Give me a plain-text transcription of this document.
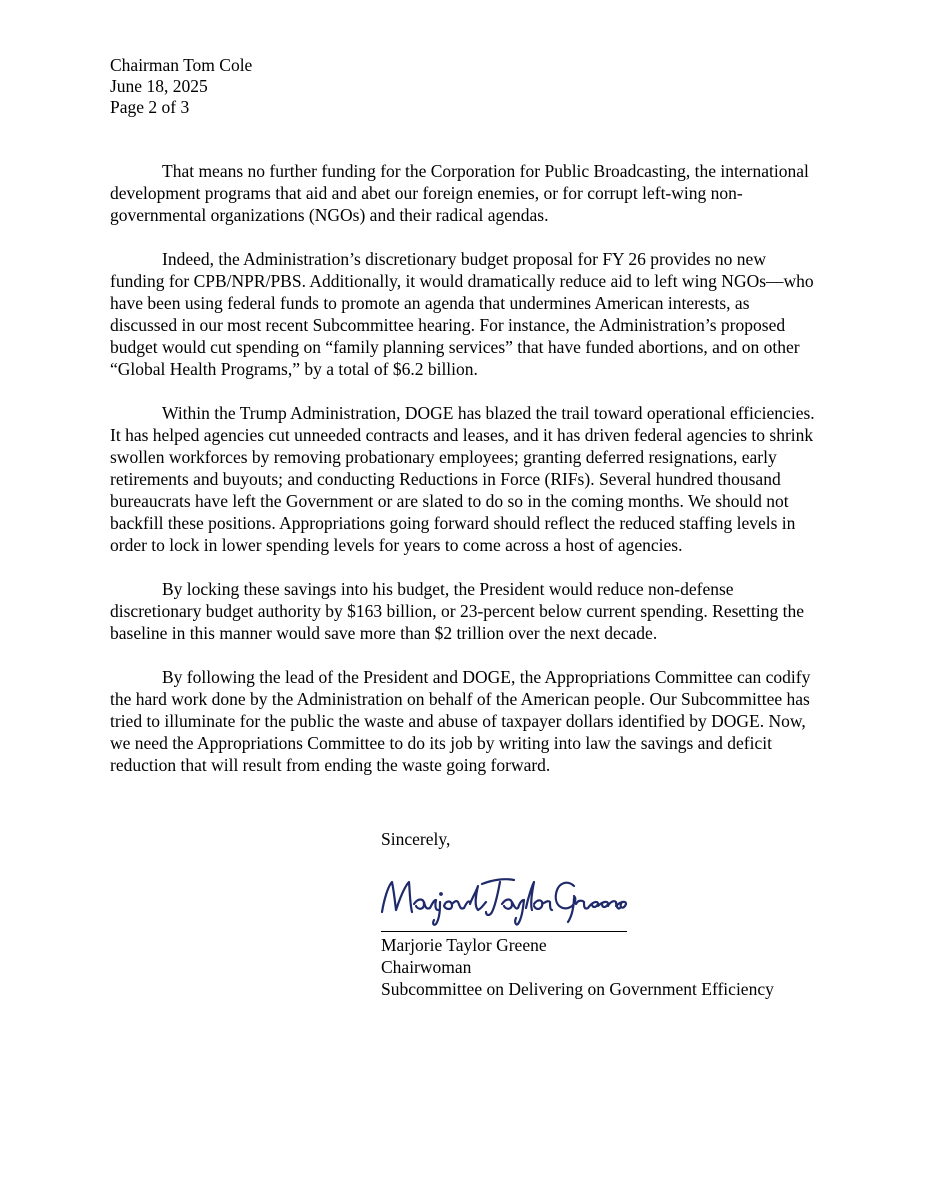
Chairman Tom Cole
June 18, 2025
Page 2 of 3

That means no further funding for the Corporation for Public Broadcasting, the international development programs that aid and abet our foreign enemies, or for corrupt left-wing non-governmental organizations (NGOs) and their radical agendas.

Indeed, the Administration’s discretionary budget proposal for FY 26 provides no new funding for CPB/NPR/PBS. Additionally, it would dramatically reduce aid to left wing NGOs—who have been using federal funds to promote an agenda that undermines American interests, as discussed in our most recent Subcommittee hearing. For instance, the Administration’s proposed budget would cut spending on “family planning services” that have funded abortions, and on other “Global Health Programs,” by a total of $6.2 billion.

Within the Trump Administration, DOGE has blazed the trail toward operational efficiencies. It has helped agencies cut unneeded contracts and leases, and it has driven federal agencies to shrink swollen workforces by removing probationary employees; granting deferred resignations, early retirements and buyouts; and conducting Reductions in Force (RIFs). Several hundred thousand bureaucrats have left the Government or are slated to do so in the coming months. We should not backfill these positions. Appropriations going forward should reflect the reduced staffing levels in order to lock in lower spending levels for years to come across a host of agencies.

By locking these savings into his budget, the President would reduce non-defense discretionary budget authority by $163 billion, or 23-percent below current spending. Resetting the baseline in this manner would save more than $2 trillion over the next decade.

By following the lead of the President and DOGE, the Appropriations Committee can codify the hard work done by the Administration on behalf of the American people. Our Subcommittee has tried to illuminate for the public the waste and abuse of taxpayer dollars identified by DOGE. Now, we need the Appropriations Committee to do its job by writing into law the savings and deficit reduction that will result from ending the waste going forward.

Sincerely,
Marjorie Taylor Greene
Chairwoman
Subcommittee on Delivering on Government Efficiency
